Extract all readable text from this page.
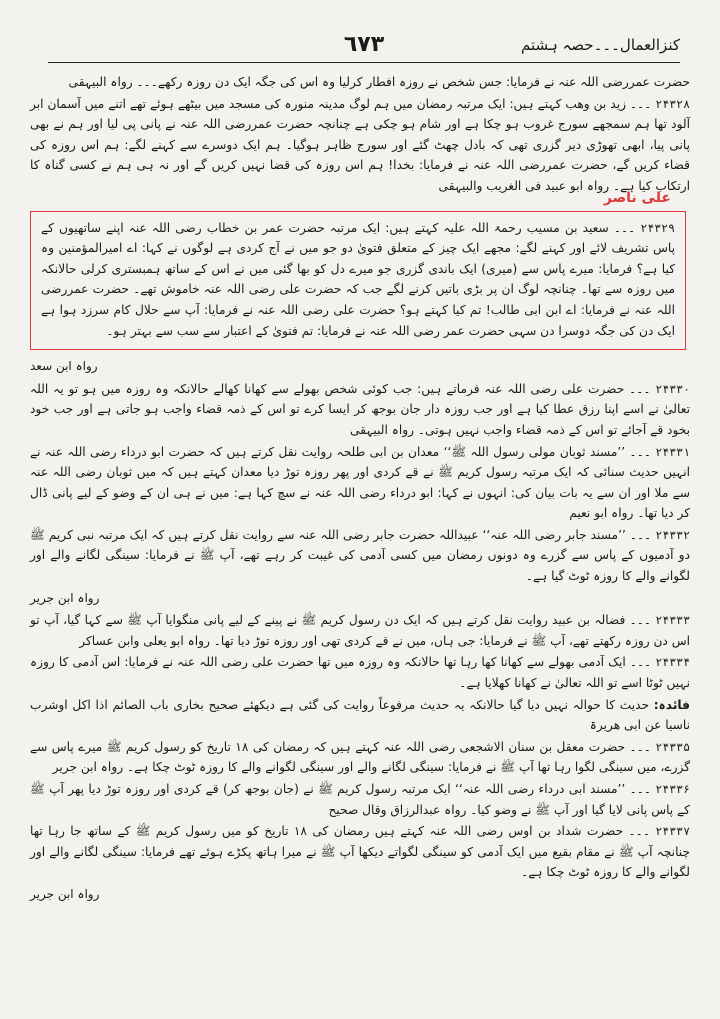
کنزالعمال۔۔۔حصہ ہشتم
٦٧٣

حضرت عمررضی اللہ عنہ نے فرمایا: جس شخص نے روزہ افطار کرلیا وہ اس کی جگہ ایک دن روزہ رکھے۔۔۔ رواہ البیہقی

۲۴۳۲۸ ۔۔۔ زید بن وھب کہتے ہیں: ایک مرتبہ رمضان میں ہم لوگ مدینہ منورہ کی مسجد میں بیٹھے ہوئے تھے اتنے میں آسمان ابر آلود تھا ہم سمجھے سورج غروب ہو چکا ہے اور شام ہو چکی ہے چنانچہ حضرت عمررضی اللہ عنہ نے پانی پی لیا اور ہم نے بھی پانی پیا، ابھی تھوڑی دیر گزری تھی کہ بادل چھٹ گئے اور سورج ظاہر ہوگیا۔ ہم ایک دوسرے سے کہنے لگے: ہم اس روزہ کی قضاء کریں گے، حضرت عمررضی اللہ عنہ نے فرمایا: بخدا! ہم اس روزہ کی قضا نہیں کریں گے اور نہ ہی ہم نے کسی گناہ کا ارتکاب کیا ہے۔ رواہ ابو عبید فی الغریب والبیہقی

علی ناصر
۲۴۳۲۹ ۔۔۔ سعید بن مسیب رحمۃ اللہ علیہ کہتے ہیں: ایک مرتبہ حضرت عمر بن خطاب رضی اللہ عنہ اپنے ساتھیوں کے پاس تشریف لائے اور کہنے لگے: مجھے ایک چیز کے متعلق فتویٰ دو جو میں نے آج کردی ہے لوگوں نے کہا: اے امیرالمؤمنین وہ کیا ہے؟ فرمایا: میرے پاس سے (میری) ایک باندی گزری جو میرے دل کو بھا گئی میں نے اس کے ساتھ ہمبستری کرلی حالانکہ میں روزہ سے تھا۔ چنانچہ لوگ ان پر بڑی باتیں کرنے لگے جب کہ حضرت علی رضی اللہ عنہ خاموش تھے۔ حضرت عمررضی اللہ عنہ نے فرمایا: اے ابن ابی طالب! تم کیا کہتے ہو؟ حضرت علی رضی اللہ عنہ نے فرمایا: آپ سے حلال کام سرزد ہوا ہے ایک دن کی جگہ دوسرا دن سہی حضرت عمر رضی اللہ عنہ نے فرمایا: تم فتویٰ کے اعتبار سے سب سے بہتر ہو۔

رواہ ابن سعد

۲۴۳۳۰ ۔۔۔ حضرت علی رضی اللہ عنہ فرماتے ہیں: جب کوئی شخص بھولے سے کھانا کھالے حالانکہ وہ روزہ میں ہو تو یہ اللہ تعالیٰ نے اسے اپنا رزق عطا کیا ہے اور جب روزہ دار جان بوجھ کر ایسا کرے تو اس کے ذمہ قضاء واجب ہو جاتی ہے اور جب خود بخود قے آجائے تو اس کے ذمہ قضاء واجب نہیں ہوتی۔ رواہ البیہقی

۲۴۳۳۱ ۔۔۔ ’’مسند ثوبان مولی رسول اللہ ﷺ‘‘ معدان بن ابی طلحہ روایت نقل کرتے ہیں کہ حضرت ابو درداء رضی اللہ عنہ نے انہیں حدیث سنائی کہ ایک مرتبہ رسول کریم ﷺ نے قے کردی اور پھر روزہ توڑ دیا معدان کہتے ہیں کہ میں ثوبان رضی اللہ عنہ سے ملا اور ان سے یہ بات بیان کی: انہوں نے کہا: ابو درداء رضی اللہ عنہ نے سچ کہا ہے: میں نے ہی ان کے وضو کے لیے پانی ڈال کر دیا تھا۔ رواہ ابو نعیم

۲۴۳۳۲ ۔۔۔ ’’مسند جابر رضی اللہ عنہ‘‘ عبیداللہ حضرت جابر رضی اللہ عنہ سے روایت نقل کرتے ہیں کہ ایک مرتبہ نبی کریم ﷺ دو آدمیوں کے پاس سے گزرے وہ دونوں رمضان میں کسی آدمی کی غیبت کر رہے تھے، آپ ﷺ نے فرمایا: سینگی لگانے والے اور لگوانے والے کا روزہ ٹوٹ گیا ہے۔

رواہ ابن جریر

۲۴۳۳۳ ۔۔۔ فضالہ بن عبید روایت نقل کرتے ہیں کہ ایک دن رسول کریم ﷺ نے پینے کے لیے پانی منگوایا آپ ﷺ سے کہا گیا، آپ تو اس دن روزہ رکھتے تھے، آپ ﷺ نے فرمایا: جی ہاں، میں نے قے کردی تھی اور روزہ توڑ دیا تھا۔ رواہ ابو یعلی وابن عساکر

۲۴۳۳۴ ۔۔۔ ایک آدمی بھولے سے کھانا کھا رہا تھا حالانکہ وہ روزہ میں تھا حضرت علی رضی اللہ عنہ نے فرمایا: اس آدمی کا روزہ نہیں ٹوٹا اسے تو اللہ تعالیٰ نے کھانا کھلایا ہے۔

فائدہ: حدیث کا حوالہ نہیں دیا گیا حالانکہ یہ حدیث مرفوعاً روایت کی گئی ہے دیکھئے صحیح بخاری باب الصائم اذا اکل اوشرب ناسیا عن ابی ھریرۃ

۲۴۳۳۵ ۔۔۔ حضرت معقل بن سنان الاشجعی رضی اللہ عنہ کہتے ہیں کہ رمضان کی ۱۸ تاریخ کو رسول کریم ﷺ میرے پاس سے گزرے، میں سینگی لگوا رہا تھا آپ ﷺ نے فرمایا: سینگی لگانے والے اور سینگی لگوانے والے کا روزہ ٹوٹ چکا ہے۔ رواہ ابن جریر

۲۴۳۳۶ ۔۔۔ ’’مسند ابی درداء رضی اللہ عنہ‘‘ ایک مرتبہ رسول کریم ﷺ نے (جان بوجھ کر) قے کردی اور روزہ توڑ دیا پھر آپ ﷺ کے پاس پانی لایا گیا اور آپ ﷺ نے وضو کیا۔ رواہ عبدالرزاق وقال صحیح

۲۴۳۳۷ ۔۔۔ حضرت شداد بن اوس رضی اللہ عنہ کہتے ہیں رمضان کی ۱۸ تاریخ کو میں رسول کریم ﷺ کے ساتھ جا رہا تھا چنانچہ آپ ﷺ نے مقام بقیع میں ایک آدمی کو سینگی لگواتے دیکھا آپ ﷺ نے میرا ہاتھ پکڑے ہوئے تھے فرمایا: سینگی لگانے والے اور لگوانے والے کا روزہ ٹوٹ چکا ہے۔

رواہ ابن جریر
